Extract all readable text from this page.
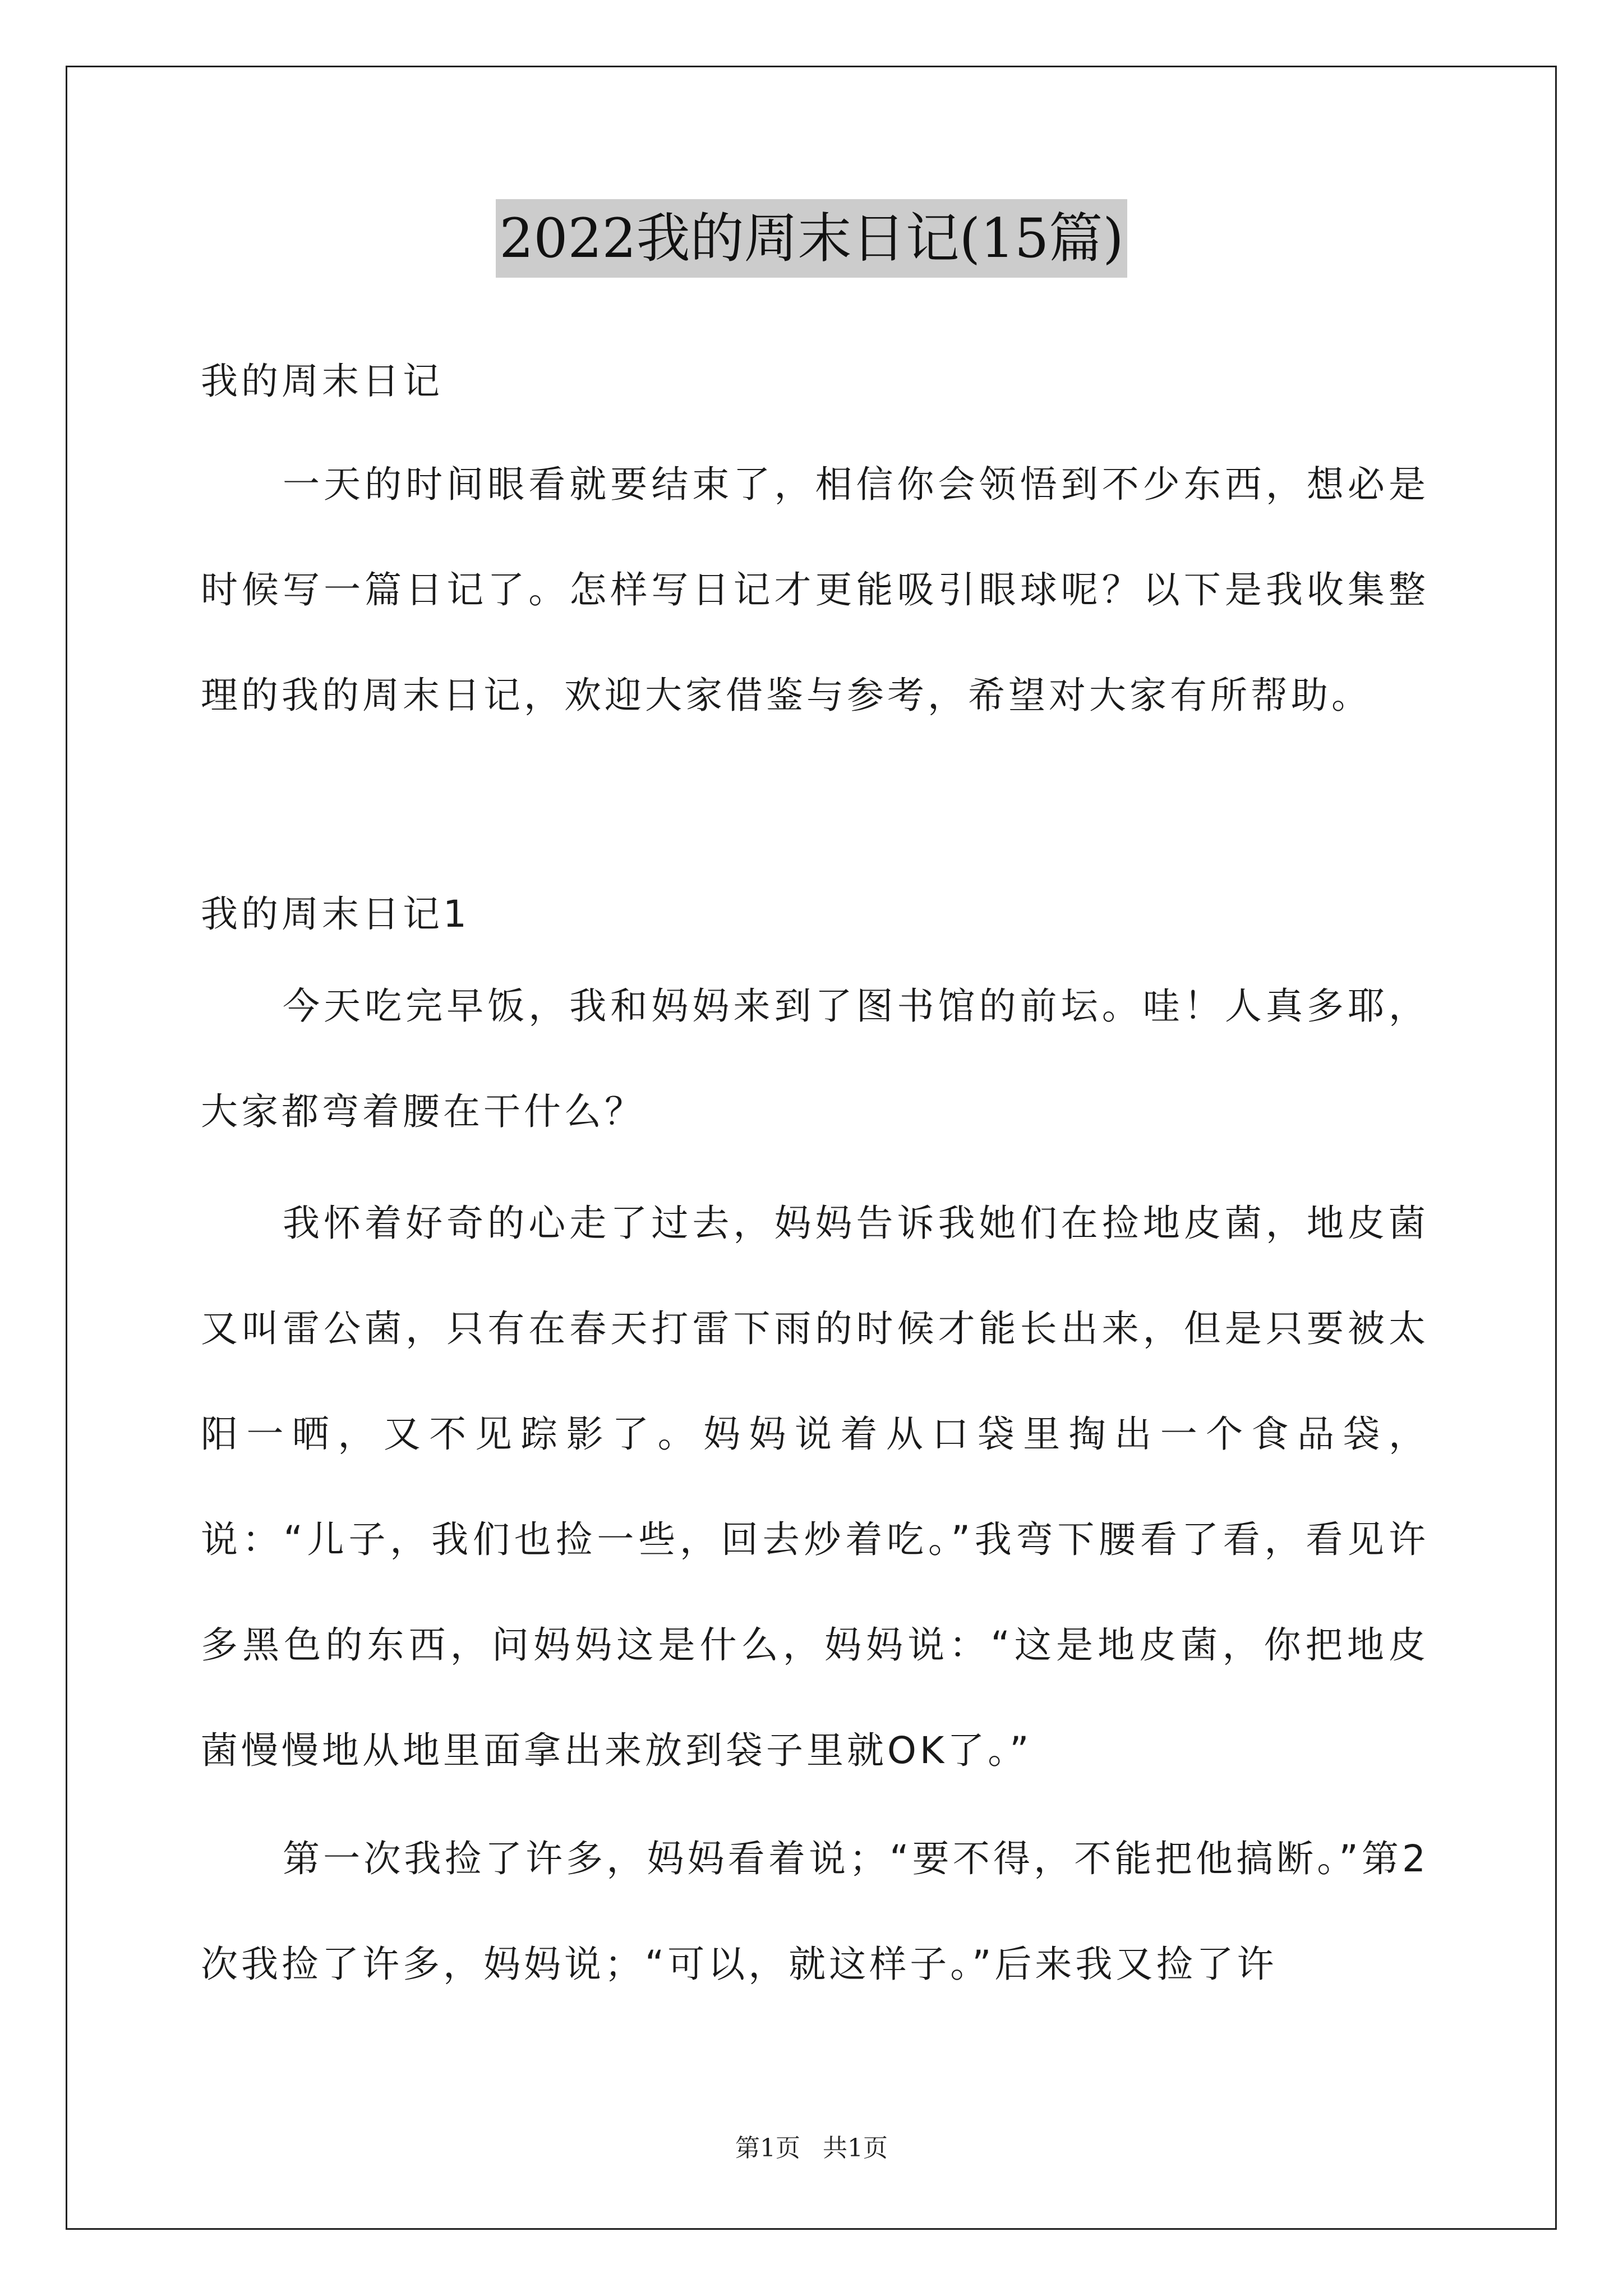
2022我的周末日记(15篇)
我的周末日记
一天的时间眼看就要结束了，相信你会领悟到不少东西，想必是时候写一篇日记了。怎样写日记才更能吸引眼球呢？以下是我收集整理的我的周末日记，欢迎大家借鉴与参考，希望对大家有所帮助。
我的周末日记1
今天吃完早饭，我和妈妈来到了图书馆的前坛。哇！人真多耶，大家都弯着腰在干什么？
我怀着好奇的心走了过去，妈妈告诉我她们在捡地皮菌，地皮菌又叫雷公菌，只有在春天打雷下雨的时候才能长出来，但是只要被太阳一晒，又不见踪影了。妈妈说着从口袋里掏出一个食品袋，说：“儿子，我们也捡一些，回去炒着吃。”我弯下腰看了看，看见许多黑色的东西，问妈妈这是什么，妈妈说：“这是地皮菌，你把地皮菌慢慢地从地里面拿出来放到袋子里就OK了。”
第一次我捡了许多，妈妈看着说；“要不得，不能把他搞断。”第2次我捡了许多，妈妈说；“可以，就这样子。”后来我又捡了许
第1页 共1页
